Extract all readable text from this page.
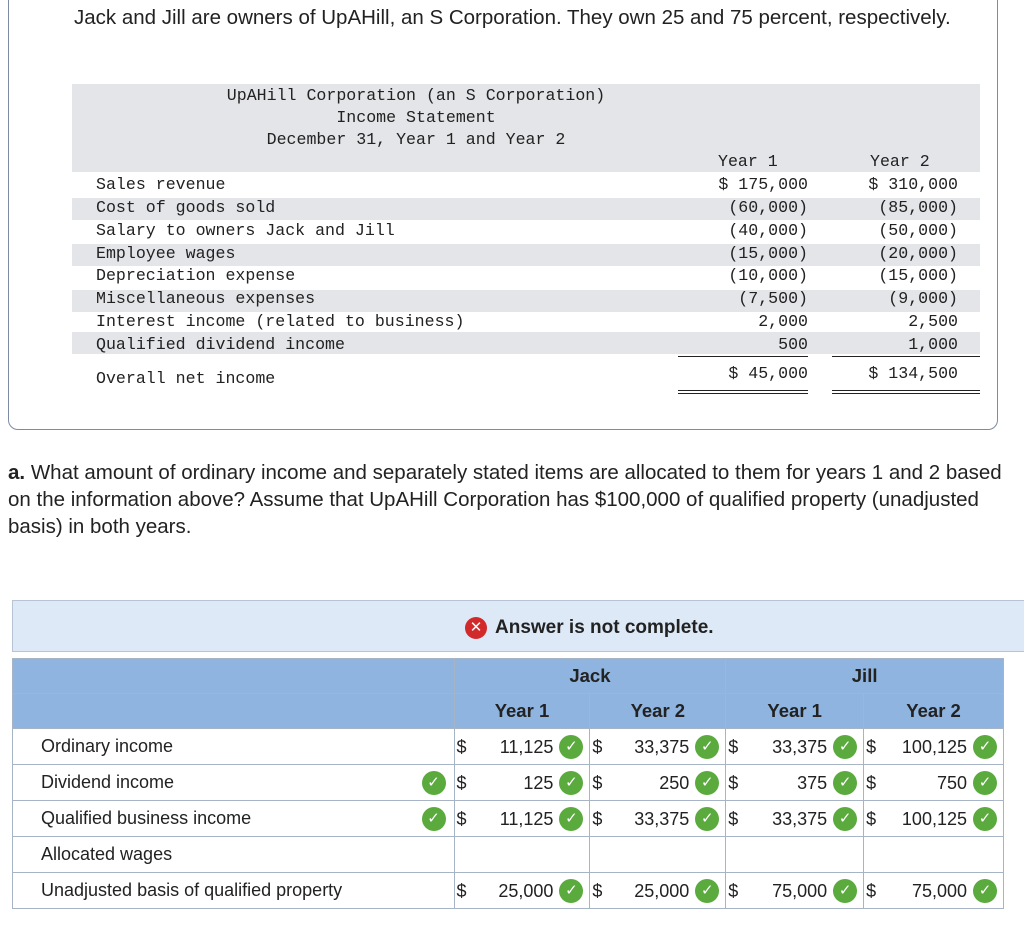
Jack and Jill are owners of UpAHill, an S Corporation. They own 25 and 75 percent, respectively.
UpAHill Corporation (an S Corporation)
Income Statement
December 31, Year 1 and Year 2
Year 1	Year 2
Sales revenue	$ 175,000	$ 310,000
Cost of goods sold	(60,000)	(85,000)
Salary to owners Jack and Jill	(40,000)	(50,000)
Employee wages	(15,000)	(20,000)
Depreciation expense	(10,000)	(15,000)
Miscellaneous expenses	(7,500)	(9,000)
Interest income (related to business)	2,000	2,500
Qualified dividend income	500	1,000
Overall net income	$ 45,000	$ 134,500
a. What amount of ordinary income and separately stated items are allocated to them for years 1 and 2 based on the information above? Assume that UpAHill Corporation has $100,000 of qualified property (unadjusted basis) in both years.
✕ Answer is not complete.
	Jack		Jill	
	Year 1	Year 2	Year 1	Year 2
Ordinary income	$ 11,125 ✓	$ 33,375 ✓	$ 33,375 ✓	$ 100,125 ✓

Dividend income ✓	$ 125 ✓	$ 250 ✓	$ 375 ✓	$ 750 ✓

Qualified business income ✓	$ 11,125 ✓	$ 33,375 ✓	$ 33,375 ✓	$ 100,125 ✓

Allocated wages	

Unadjusted basis of qualified property	$ 25,000 ✓	$ 25,000 ✓	$ 75,000 ✓	$ 75,000 ✓
